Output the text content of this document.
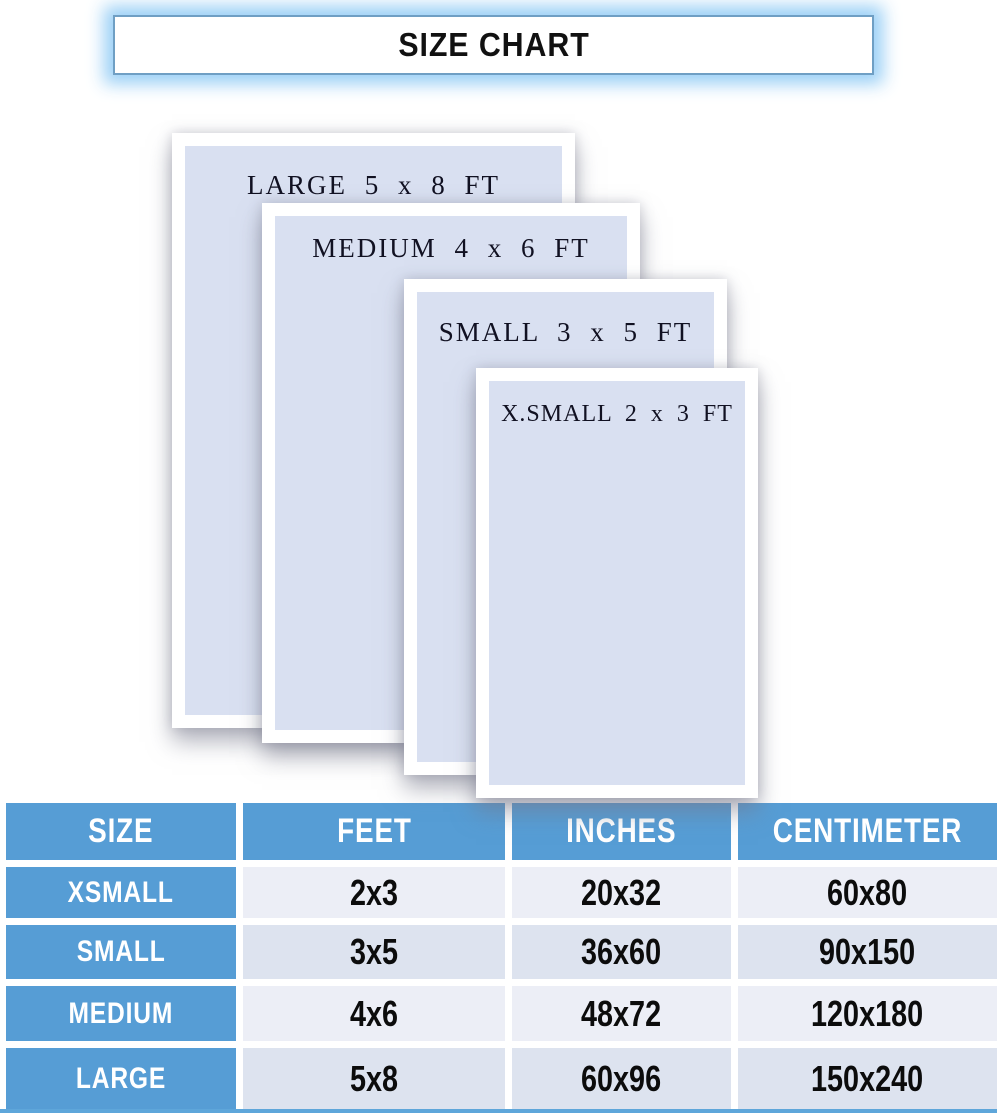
SIZE CHART
LARGE 5 x 8 FT
MEDIUM 4 x 6 FT
SMALL 3 x 5 FT
X.SMALL 2 x 3 FT
SIZE	FEET	INCHES	CENTIMETER
XSMALL	2x3	20x32	60x80
SMALL	3x5	36x60	90x150
MEDIUM	4x6	48x72	120x180
LARGE	5x8	60x96	150x240
